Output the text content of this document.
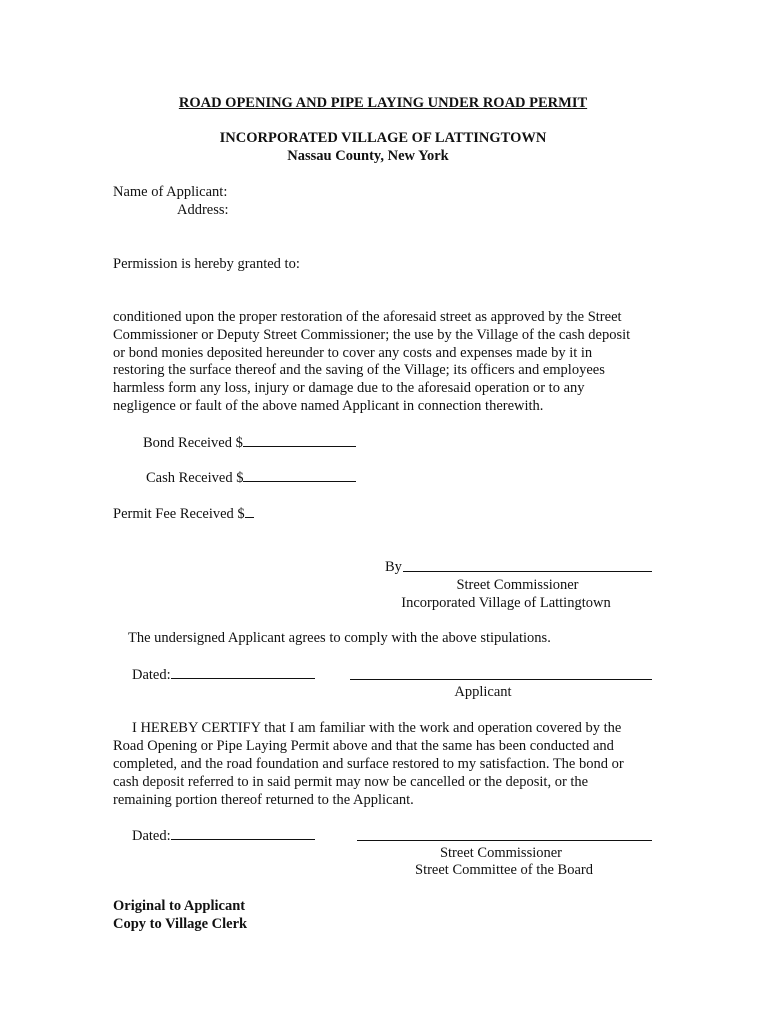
ROAD OPENING AND PIPE LAYING UNDER ROAD PERMIT
INCORPORATED VILLAGE OF LATTINGTOWN
Nassau County, New York
Name of Applicant:
Address:
Permission is hereby granted to:
conditioned upon the proper restoration of the aforesaid street as approved by the Street
Commissioner or Deputy Street Commissioner; the use by the Village of the cash deposit
or bond monies deposited hereunder to cover any costs and expenses made by it in
restoring the surface thereof and the saving of the Village; its officers and employees
harmless form any loss, injury or damage due to the aforesaid operation or to any
negligence or fault of the above named Applicant in connection therewith.
Bond Received $
Cash Received $
Permit Fee Received $
By
Street Commissioner
Incorporated Village of Lattingtown
The undersigned Applicant agrees to comply with the above stipulations.
Dated:
Applicant
I HEREBY CERTIFY that I am familiar with the work and operation covered by the
Road Opening or Pipe Laying Permit above and that the same has been conducted and
completed, and the road foundation and surface restored to my satisfaction. The bond or
cash deposit referred to in said permit may now be cancelled or the deposit, or the
remaining portion thereof returned to the Applicant.
Dated:
Street Commissioner
Street Committee of the Board
Original to Applicant
Copy to Village Clerk
